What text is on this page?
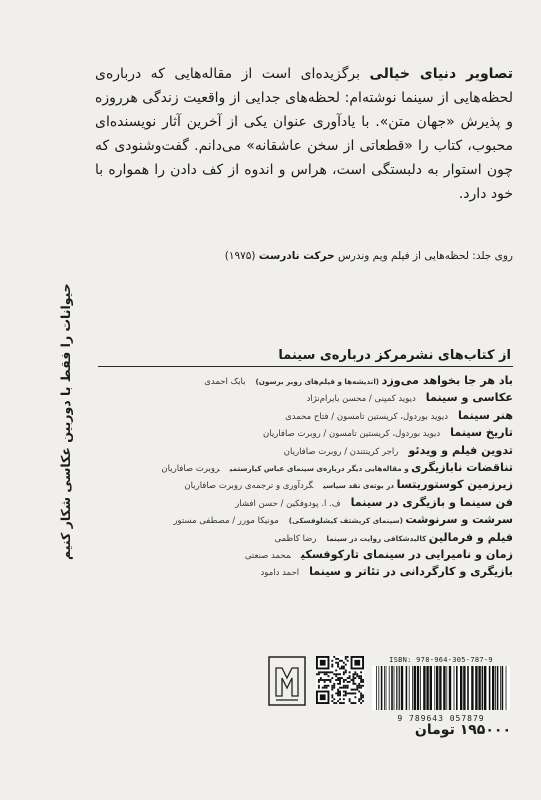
تصاویر دنیای خیالی برگزیده‌ای است از مقاله‌هایی که درباره‌ی لحظه‌هایی از سینما نوشته‌ام: لحظه‌های جدایی از واقعیت زندگی هرروزه و پذیرش «جهان متن». با یادآوری عنوان یکی از آخرین آثار نویسنده‌ای محبوب، کتاب را «قطعاتی از سخن عاشقانه» می‌دانم. گفت‌وشنودی که چون استوار به دلبستگی است، هراس و اندوه از کف دادن را همواره با خود دارد.
روی جلد: لحظه‌هایی از فیلم ویم وندرس حرکت نادرست (۱۹۷۵)
حیوانات را فقط با دوربین عکاسی شکار کنیم	از کتاب‌های نشرمرکز درباره‌ی سینما
باد هر جا بخواهد می‌وزد (اندیشه‌ها و فیلم‌های روبر برسون)بابک احمدی
عکاسی و سینمادیوید کمپنی / محسن بایرام‌نژاد
هنر سینمادیوید بوردول، کریستین تامسون / فتاح محمدی
تاریخ سینمادیوید بوردول، کریستین تامسون / روبرت صافاریان
تدوین فیلم و ویدئوراجر کرینتندن / روبرت صافاریان
تناقضات نابازیگری و مقاله‌هایی دیگر درباره‌ی سینمای عباس کیارستمیروبرت صافاریان
زیرزمین کوستوریتسا در بوته‌ی نقد سیاسیگردآوری و ترجمه‌ی روبرت صافاریان
فن سینما و بازیگری در سینماف. ا. پودوفکین / حسن افشار
سرشت و سرنوشت (سینمای کریشتف کیشلوفسکی)مونیکا مورر / مصطفی مستور
فیلم و فرمالین کالبدشکافی روایت در سینمارضا کاظمی
زمان و نامیرایی در سینمای تارکوفسکیمحمد صنعتی
بازیگری و کارگردانی در تئاتر و سینمااحمد دامود
ISBN: 978-964-305-787-9
9 789643 057879
۱۹۵۰۰۰ تومان
